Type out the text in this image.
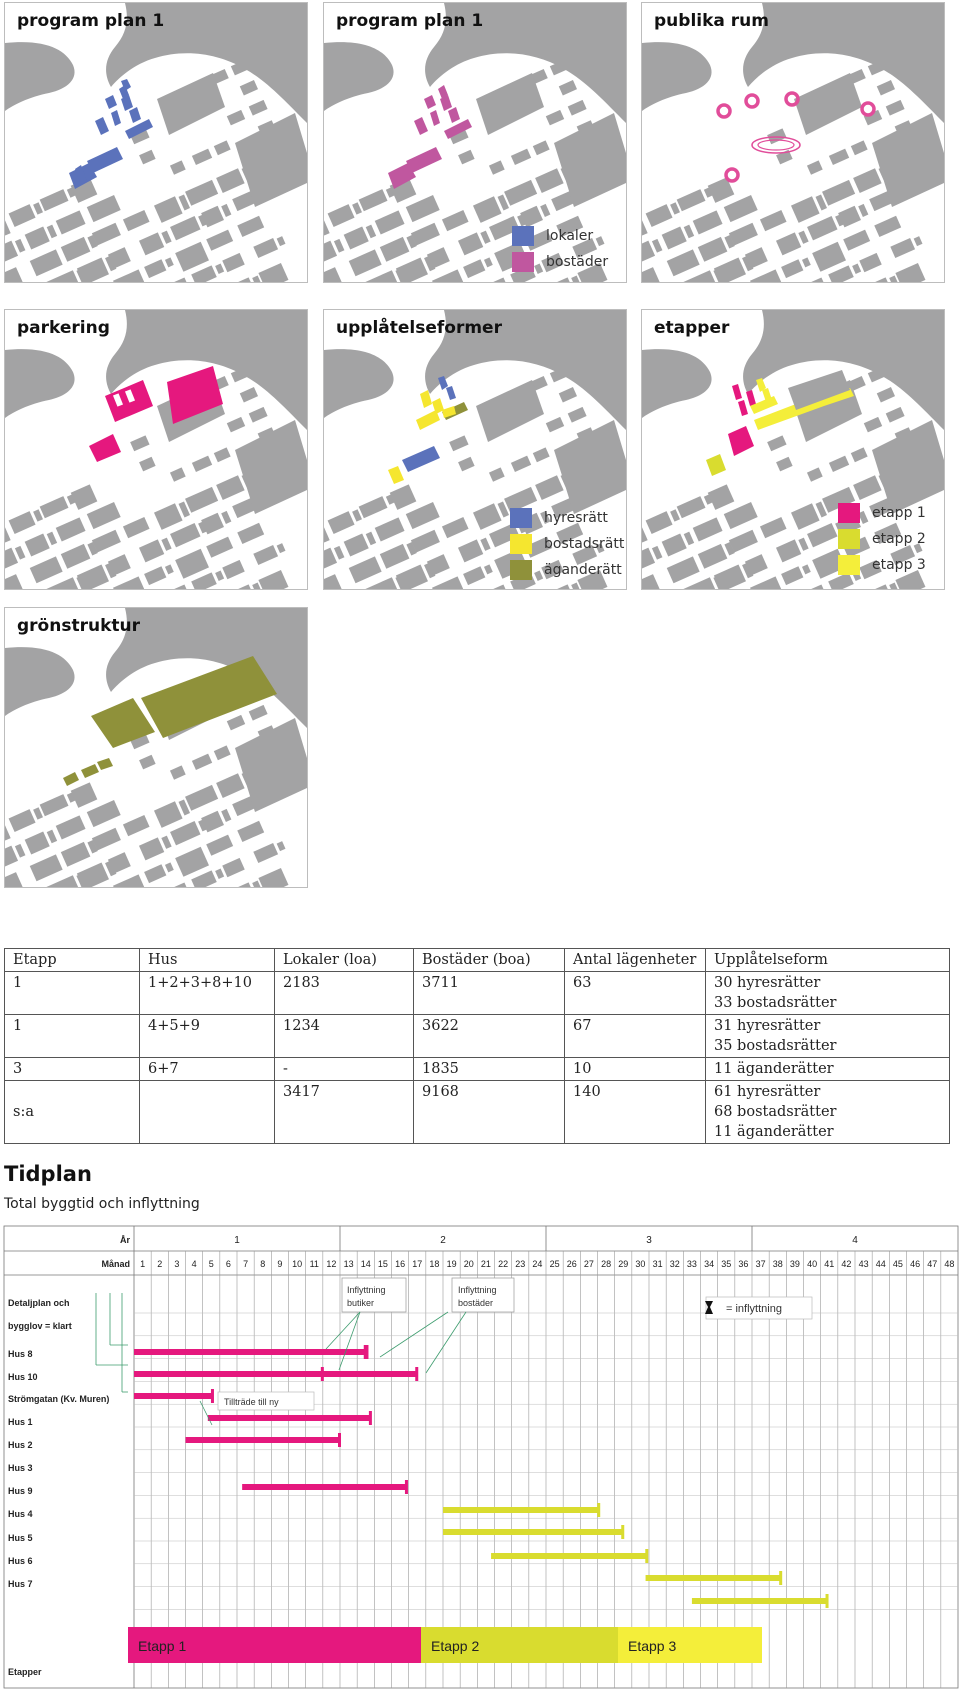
program plan 1	program plan 1
lokaler
bostäder
publika rum
parkering	upplåtelseformer
hyresrätt
bostadsrätt
äganderätt
etapper
etapp 1
etapp 2
etapp 3
grönstruktur
Etapp	Hus	Lokaler (loa)	Bostäder (boa)	Antal lägenheter	Upplåtelseform
1	1+2+3+8+10	2183	3711	63	30 hyresrätter
33 bostadsrätter

1	4+5+9	1234	3622	67	31 hyresrätter
35 bostadsrätter

3	6+7	-	1835	10	11 äganderätter

s:a		3417	9168	140	61 hyresrätter
68 bostadsrätter
11 äganderätter
Tidplan
Total byggtid och inflyttning
År
Månad
1	2	3	4
1 2 3 4 5 6 7 8 9 10 11 12 13 14 15 16 17 18 19 20 21 22 23 24 25 26 27 28 29 30 31 32 33 34 35 36 37 38 39 40 41 42 43 44 45 46 47 48
Detaljplan och
bygglov = klart
Hus 8
Hus 10
Strömgatan (Kv. Muren)
Hus 1
Hus 2
Hus 3
Hus 9
Hus 4
Hus 5
Hus 6
Hus 7
Inflyttning
butiker
Inflyttning
bostäder
Tillträde till ny
= inflyttning
Etapper
Etapp 1	Etapp 2	Etapp 3
